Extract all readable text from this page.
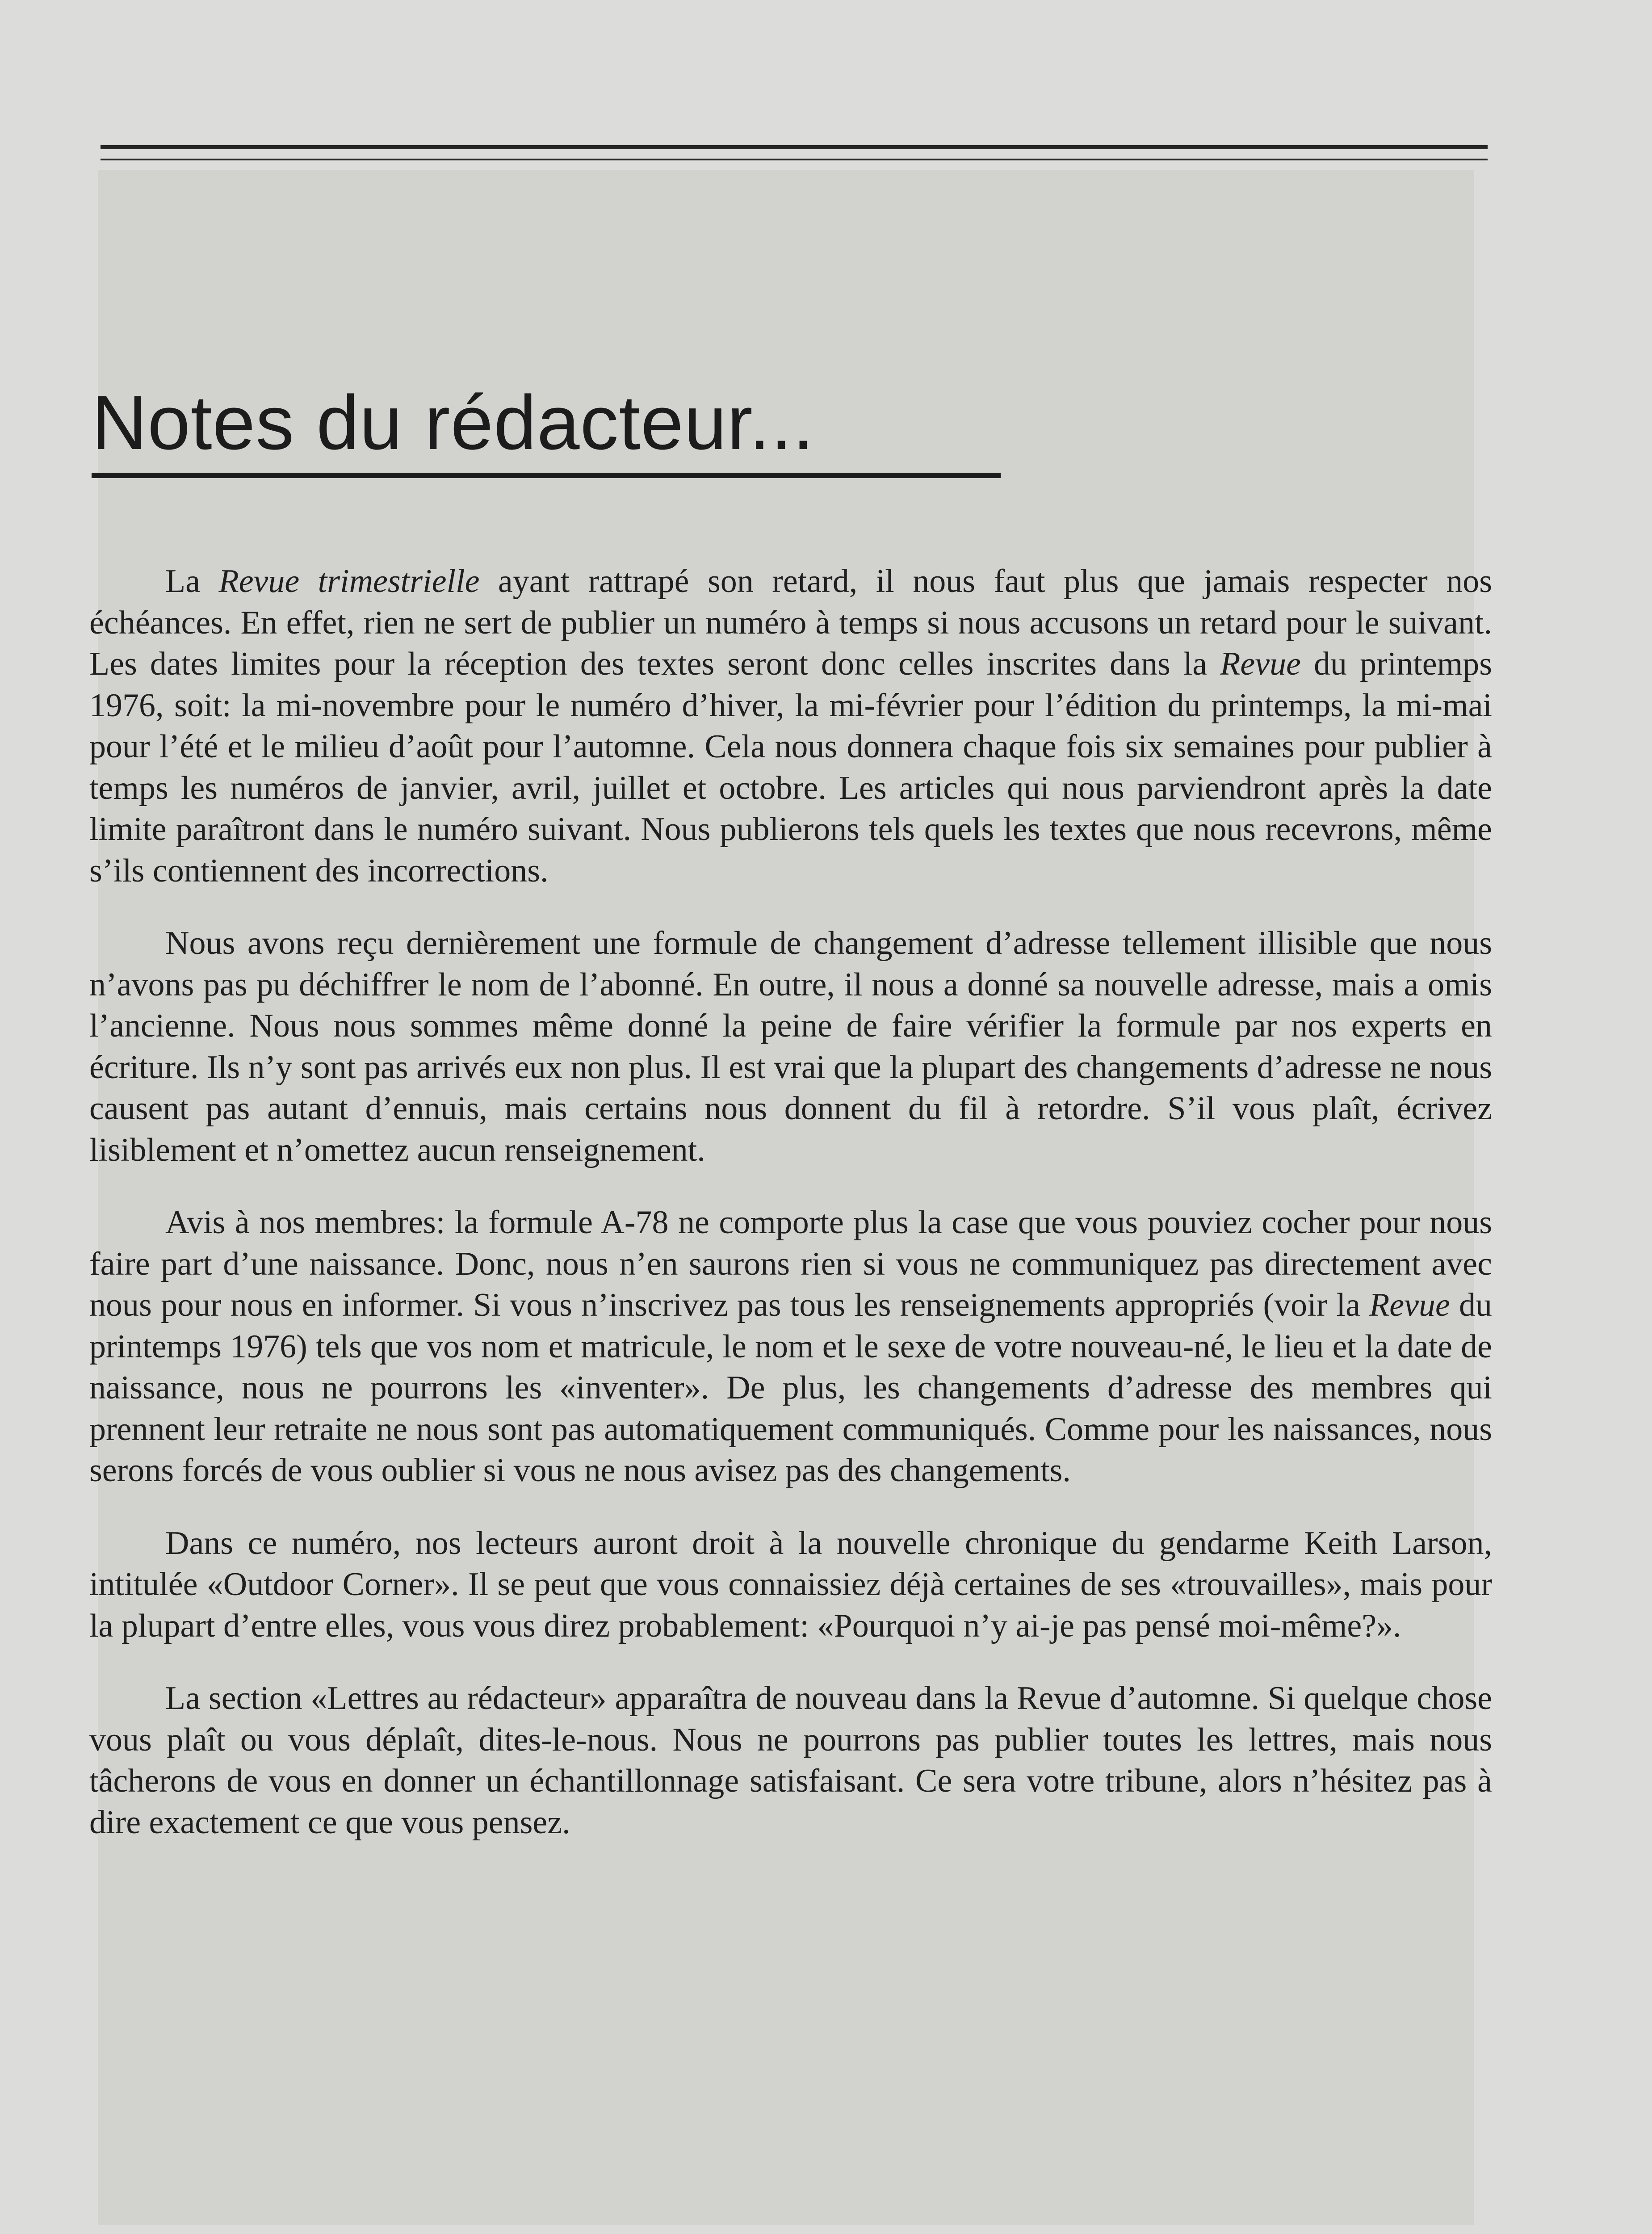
Notes du rédacteur...

La Revue trimestrielle ayant rattrapé son retard, il nous faut plus que jamais respecter nos échéances. En effet, rien ne sert de publier un numéro à temps si nous accusons un retard pour le suivant. Les dates limites pour la réception des textes seront donc celles inscrites dans la Revue du printemps 1976, soit: la mi-novembre pour le numéro d’hiver, la mi-février pour l’édition du printemps, la mi-mai pour l’été et le milieu d’août pour l’automne. Cela nous donnera chaque fois six semaines pour publier à temps les numéros de janvier, avril, juillet et octobre. Les articles qui nous parviendront après la date limite paraîtront dans le numéro suivant. Nous publierons tels quels les textes que nous recevrons, même s’ils contiennent des incorrections.

Nous avons reçu dernièrement une formule de changement d’adresse tellement illisible que nous n’avons pas pu déchiffrer le nom de l’abonné. En outre, il nous a donné sa nouvelle adresse, mais a omis l’ancienne. Nous nous sommes même donné la peine de faire vérifier la formule par nos experts en écriture. Ils n’y sont pas arrivés eux non plus. Il est vrai que la plupart des changements d’adresse ne nous causent pas autant d’ennuis, mais certains nous donnent du fil à retordre. S’il vous plaît, écrivez lisiblement et n’omettez aucun renseignement.

Avis à nos membres: la formule A-78 ne comporte plus la case que vous pouviez cocher pour nous faire part d’une naissance. Donc, nous n’en saurons rien si vous ne communiquez pas directement avec nous pour nous en informer. Si vous n’inscrivez pas tous les renseignements appropriés (voir la Revue du printemps 1976) tels que vos nom et matricule, le nom et le sexe de votre nouveau-né, le lieu et la date de naissance, nous ne pourrons les «inventer». De plus, les changements d’adresse des membres qui prennent leur retraite ne nous sont pas automatiquement communiqués. Comme pour les naissances, nous serons forcés de vous oublier si vous ne nous avisez pas des changements.

Dans ce numéro, nos lecteurs auront droit à la nouvelle chronique du gendarme Keith Larson, intitulée «Outdoor Corner». Il se peut que vous connaissiez déjà certaines de ses «trouvailles», mais pour la plupart d’entre elles, vous vous direz probablement: «Pourquoi n’y ai-je pas pensé moi-même?».

La section «Lettres au rédacteur» apparaîtra de nouveau dans la Revue d’automne. Si quelque chose vous plaît ou vous déplaît, dites-le-nous. Nous ne pourrons pas publier toutes les lettres, mais nous tâcherons de vous en donner un échantillonnage satisfaisant. Ce sera votre tribune, alors n’hésitez pas à dire exactement ce que vous pensez.
